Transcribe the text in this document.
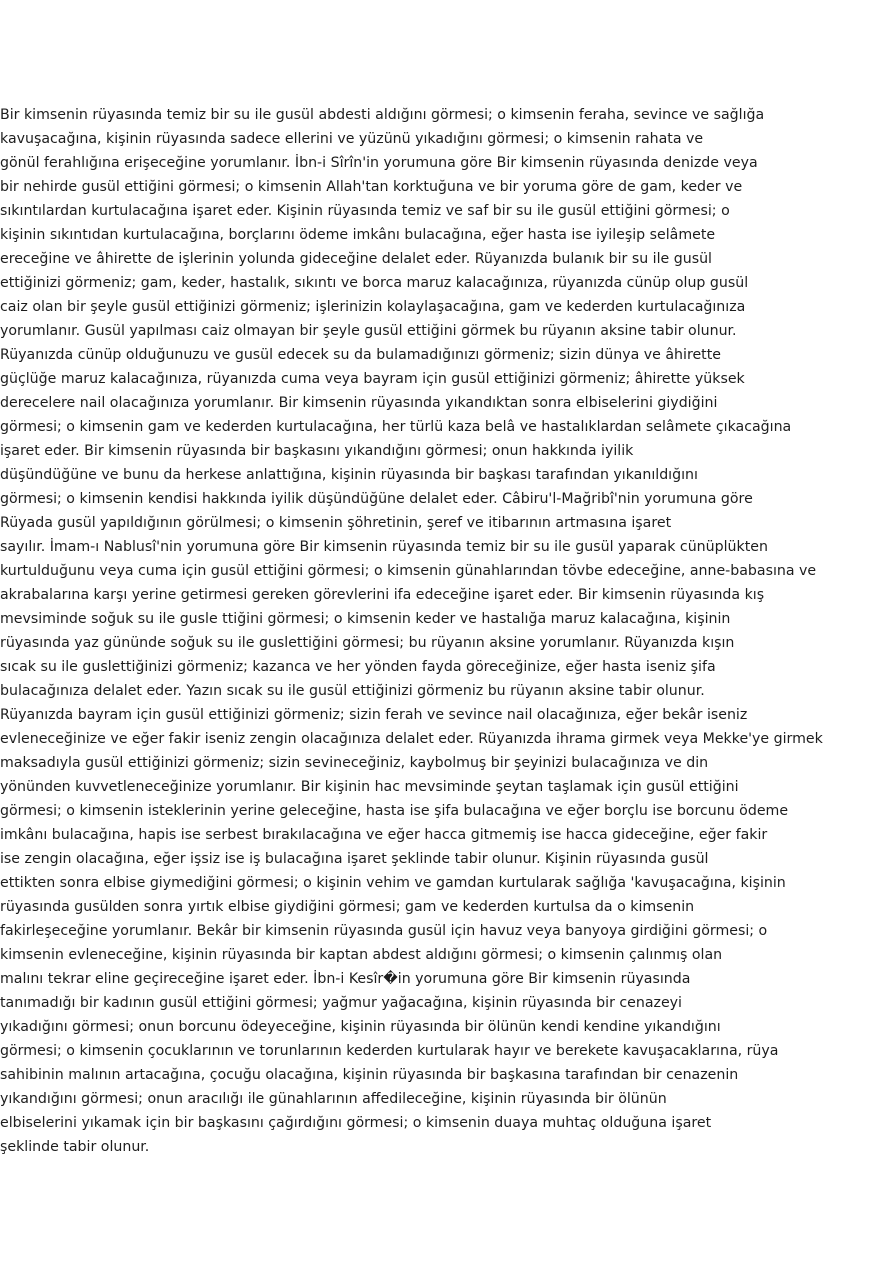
Bir kimsenin rüyasında temiz bir su ile gusül abdesti aldığını görmesi; o kimsenin feraha, sevince ve sağlığa
kavuşacağına, kişinin rüyasında sadece ellerini ve yüzünü yıkadığını görmesi; o kimsenin rahata ve
gönül ferahlığına erişeceğine yorumlanır. İbn-i Sîrîn'in yorumuna göre Bir kimsenin rüyasında denizde veya
bir nehirde gusül ettiğini görmesi; o kimsenin Allah'tan korktuğuna ve bir yoruma göre de gam, keder ve
sıkıntılardan kurtulacağına işaret eder. Kişinin rüyasında temiz ve saf bir su ile gusül ettiğini görmesi; o
kişinin sıkıntıdan kurtulacağına, borçlarını ödeme imkânı bulacağına, eğer hasta ise iyileşip selâmete
ereceğine ve âhirette de işlerinin yolunda gideceğine delalet eder. Rüyanızda bulanık bir su ile gusül
ettiğinizi görmeniz; gam, keder, hastalık, sıkıntı ve borca maruz kalacağınıza, rüyanızda cünüp olup gusül
caiz olan bir şeyle gusül ettiğinizi görmeniz; işlerinizin kolaylaşacağına, gam ve kederden kurtulacağınıza
yorumlanır. Gusül yapılması caiz olmayan bir şeyle gusül ettiğini görmek bu rüyanın aksine tabir olunur.
Rüyanızda cünüp olduğunuzu ve gusül edecek su da bulamadığınızı görmeniz; sizin dünya ve âhirette
güçlüğe maruz kalacağınıza, rüyanızda cuma veya bayram için gusül ettiğinizi görmeniz; âhirette yüksek
derecelere nail olacağınıza yorumlanır. Bir kimsenin rüyasında yıkandıktan sonra elbiselerini giydiğini
görmesi; o kimsenin gam ve kederden kurtulacağına, her türlü kaza belâ ve hastalıklardan selâmete çıkacağına
işaret eder. Bir kimsenin rüyasında bir başkasını yıkandığını görmesi; onun hakkında iyilik
düşündüğüne ve bunu da herkese anlattığına, kişinin rüyasında bir başkası tarafından yıkanıldığını
görmesi; o kimsenin kendisi hakkında iyilik düşündüğüne delalet eder. Câbiru'l-Mağribî'nin yorumuna göre
Rüyada gusül yapıldığının görülmesi; o kimsenin şöhretinin, şeref ve itibarının artmasına işaret
sayılır. İmam-ı Nablusî'nin yorumuna göre Bir kimsenin rüyasında temiz bir su ile gusül yaparak cünüplükten
kurtulduğunu veya cuma için gusül ettiğini görmesi; o kimsenin günahlarından tövbe edeceğine, anne-babasına ve
akrabalarına karşı yerine getirmesi gereken görevlerini ifa edeceğine işaret eder. Bir kimsenin rüyasında kış
mevsiminde soğuk su ile gusle ttiğini görmesi; o kimsenin keder ve hastalığa maruz kalacağına, kişinin
rüyasında yaz gününde soğuk su ile guslettiğini görmesi; bu rüyanın aksine yorumlanır. Rüyanızda kışın
sıcak su ile guslettiğinizi görmeniz; kazanca ve her yönden fayda göreceğinize, eğer hasta iseniz şifa
bulacağınıza delalet eder. Yazın sıcak su ile gusül ettiğinizi görmeniz bu rüyanın aksine tabir olunur.
Rüyanızda bayram için gusül ettiğinizi görmeniz; sizin ferah ve sevince nail olacağınıza, eğer bekâr iseniz
evleneceğinize ve eğer fakir iseniz zengin olacağınıza delalet eder. Rüyanızda ihrama girmek veya Mekke'ye girmek
maksadıyla gusül ettiğinizi görmeniz; sizin sevineceğiniz, kaybolmuş bir şeyinizi bulacağınıza ve din
yönünden kuvvetleneceğinize yorumlanır. Bir kişinin hac mevsiminde şeytan taşlamak için gusül ettiğini
görmesi; o kimsenin isteklerinin yerine geleceğine, hasta ise şifa bulacağına ve eğer borçlu ise borcunu ödeme
imkânı bulacağına, hapis ise serbest bırakılacağına ve eğer hacca gitmemiş ise hacca gideceğine, eğer fakir
ise zengin olacağına, eğer işsiz ise iş bulacağına işaret şeklinde tabir olunur. Kişinin rüyasında gusül
ettikten sonra elbise giymediğini görmesi; o kişinin vehim ve gamdan kurtularak sağlığa 'kavuşacağına, kişinin
rüyasında gusülden sonra yırtık elbise giydiğini görmesi; gam ve kederden kurtulsa da o kimsenin
fakirleşeceğine yorumlanır. Bekâr bir kimsenin rüyasında gusül için havuz veya banyoya girdiğini görmesi; o
kimsenin evleneceğine, kişinin rüyasında bir kaptan abdest aldığını görmesi; o kimsenin çalınmış olan
malını tekrar eline geçireceğine işaret eder. İbn-i Kesîr�in yorumuna göre Bir kimsenin rüyasında
tanımadığı bir kadının gusül ettiğini görmesi; yağmur yağacağına, kişinin rüyasında bir cenazeyi
yıkadığını görmesi; onun borcunu ödeyeceğine, kişinin rüyasında bir ölünün kendi kendine yıkandığını
görmesi; o kimsenin çocuklarının ve torunlarının kederden kurtularak hayır ve berekete kavuşacaklarına, rüya
sahibinin malının artacağına, çocuğu olacağına, kişinin rüyasında bir başkasına tarafından bir cenazenin
yıkandığını görmesi; onun aracılığı ile günahlarının affedileceğine, kişinin rüyasında bir ölünün
elbiselerini yıkamak için bir başkasını çağırdığını görmesi; o kimsenin duaya muhtaç olduğuna işaret
şeklinde tabir olunur.
